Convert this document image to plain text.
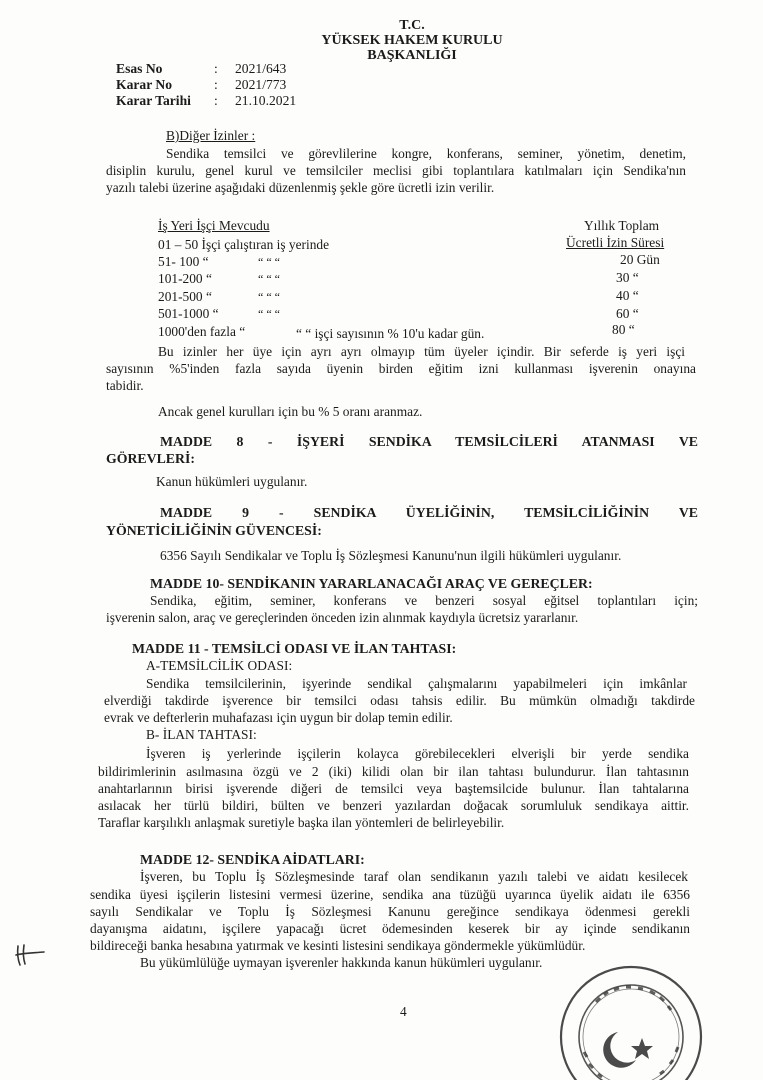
T.C.
YÜKSEK HAKEM KURULU
BAŞKANLIĞI
Esas No	: 2021/643
Karar No	: 2021/773
Karar Tarihi : 21.10.2021
B)Diğer İzinler :
Sendika temsilci ve görevlilerine kongre, konferans, seminer, yönetim, denetim,
disiplin kurulu, genel kurul ve temsilciler meclisi gibi toplantılara katılmaları için Sendika'nın
yazılı talebi üzerine aşağıdaki düzenlenmiş şekle göre ücretli izin verilir.
İş Yeri İşçi Mevcudu	Yıllık Toplam
Ücretli İzin Süresi
01 – 50 İşçi çalıştıran iş yerinde
51- 100 “	“ “ “	20 Gün
101-200 “	“ “ “	30 “
201-500 “	“ “ “	40 “
501-1000 “	“ “ “	60 “
1000'den fazla “	“ “ işçi sayısının % 10'u kadar gün.	80 “
Bu izinler her üye için ayrı ayrı olmayıp tüm üyeler içindir. Bir seferde iş yeri işçi
sayısının %5'inden fazla sayıda üyenin birden eğitim izni kullanması işverenin onayına
tabidir.
Ancak genel kurulları için bu % 5 oranı aranmaz.
MADDE 8 - İŞYERİ SENDİKA TEMSİLCİLERİ ATANMASI VE
GÖREVLERİ:
Kanun hükümleri uygulanır.
MADDE 9 - SENDİKA ÜYELİĞİNİN, TEMSİLCİLİĞİNİN VE
YÖNETİCİLİĞİNİN GÜVENCESİ:
6356 Sayılı Sendikalar ve Toplu İş Sözleşmesi Kanunu'nun ilgili hükümleri uygulanır.
MADDE 10- SENDİKANIN YARARLANACAĞI ARAÇ VE GEREÇLER:
Sendika, eğitim, seminer, konferans ve benzeri sosyal eğitsel toplantıları için;
işverenin salon, araç ve gereçlerinden önceden izin alınmak kaydıyla ücretsiz yararlanır.
MADDE 11 - TEMSİLCİ ODASI VE İLAN TAHTASI:
A-TEMSİLCİLİK ODASI:
Sendika temsilcilerinin, işyerinde sendikal çalışmalarını yapabilmeleri için imkânlar
elverdiği takdirde işverence bir temsilci odası tahsis edilir. Bu mümkün olmadığı takdirde
evrak ve defterlerin muhafazası için uygun bir dolap temin edilir.
B- İLAN TAHTASI:
İşveren iş yerlerinde işçilerin kolayca görebilecekleri elverişli bir yerde sendika
bildirimlerinin asılmasına özgü ve 2 (iki) kilidi olan bir ilan tahtası bulundurur. İlan tahtasının
anahtarlarının birisi işverende diğeri de temsilci veya baştemsilcide bulunur. İlan tahtalarına
asılacak her türlü bildiri, bülten ve benzeri yazılardan doğacak sorumluluk sendikaya aittir.
Taraflar karşılıklı anlaşmak suretiyle başka ilan yöntemleri de belirleyebilir.
MADDE 12- SENDİKA AİDATLARI:
İşveren, bu Toplu İş Sözleşmesinde taraf olan sendikanın yazılı talebi ve aidatı kesilecek
sendika üyesi işçilerin listesini vermesi üzerine, sendika ana tüzüğü uyarınca üyelik aidatı ile 6356
sayılı Sendikalar ve Toplu İş Sözleşmesi Kanunu gereğince sendikaya ödenmesi gerekli
dayanışma aidatını, işçilere yapacağı ücret ödemesinden keserek bir ay içinde sendikanın
bildireceği banka hesabına yatırmak ve kesinti listesini sendikaya göndermekle yükümlüdür.
Bu yükümlülüğe uymayan işverenler hakkında kanun hükümleri uygulanır.
4
